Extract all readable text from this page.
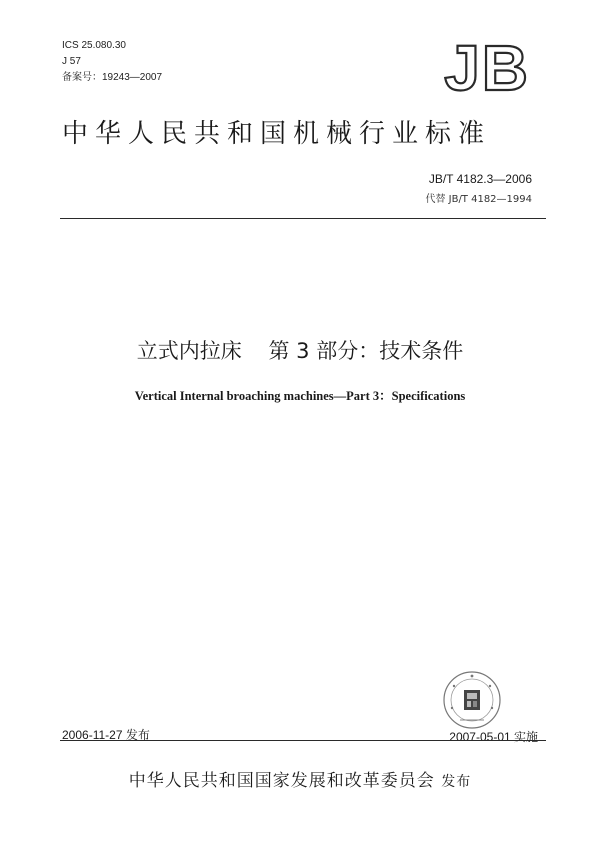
ICS 25.080.30
J 57
备案号：19243—2007	JB
中华人民共和国机械行业标准
JB/T 4182.3—2006
代替 JB/T 4182—1994
立式内拉床    第 3 部分：技术条件
Vertical Internal broaching machines—Part 3：Specifications
2006-11-27 发布	2007-05-01 实施
中华人民共和国国家发展和改革委员会 发布
